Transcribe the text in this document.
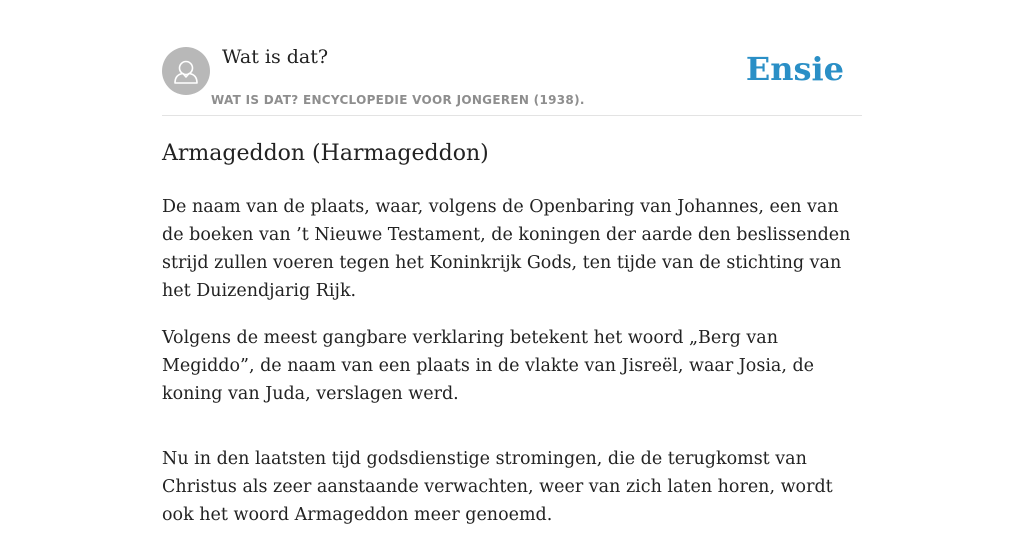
Wat is dat?
WAT IS DAT? ENCYCLOPEDIE VOOR JONGEREN (1938).
Ensie
Armageddon (Harmageddon)

De naam van de plaats, waar, volgens de Openbaring van Johannes, een van de boeken van ’t Nieuwe Testament, de koningen der aarde den beslissenden strijd zullen voeren tegen het Koninkrijk Gods, ten tijde van de stichting van het Duizendjarig Rijk.

Volgens de meest gangbare verklaring betekent het woord „Berg van Megiddo”, de naam van een plaats in de vlakte van Jisreël, waar Josia, de koning van Juda, verslagen werd.

Nu in den laatsten tijd godsdienstige stromingen, die de terugkomst van Christus als zeer aanstaande verwachten, weer van zich laten horen, wordt ook het woord Armageddon meer genoemd.
